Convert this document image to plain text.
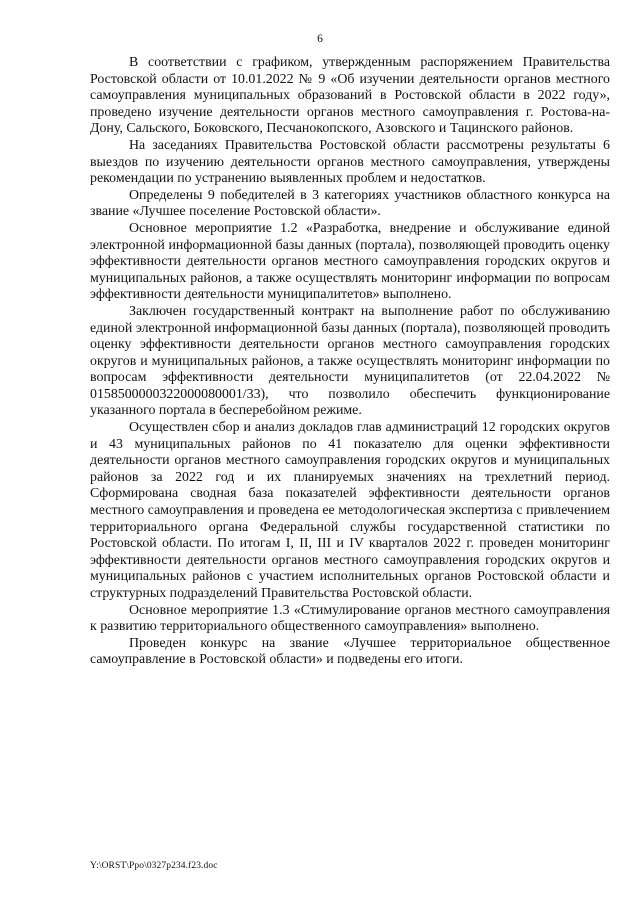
6

В соответствии с графиком, утвержденным распоряжением Правительства Ростовской области от 10.01.2022 № 9 «Об изучении деятельности органов местного самоуправления муниципальных образований в Ростовской области в 2022 году», проведено изучение деятельности органов местного самоуправления г. Ростова-на-Дону, Сальского, Боковского, Песчанокопского, Азовского и Тацинского районов.

На заседаниях Правительства Ростовской области рассмотрены результаты 6 выездов по изучению деятельности органов местного самоуправления, утверждены рекомендации по устранению выявленных проблем и недостатков.

Определены 9 победителей в 3 категориях участников областного конкурса на звание «Лучшее поселение Ростовской области».

Основное мероприятие 1.2 «Разработка, внедрение и обслуживание единой электронной информационной базы данных (портала), позволяющей проводить оценку эффективности деятельности органов местного самоуправления городских округов и муниципальных районов, а также осуществлять мониторинг информации по вопросам эффективности деятельности муниципалитетов» выполнено.

Заключен государственный контракт на выполнение работ по обслуживанию единой электронной информационной базы данных (портала), позволяющей проводить оценку эффективности деятельности органов местного самоуправления городских округов и муниципальных районов, а также осуществлять мониторинг информации по вопросам эффективности деятельности муниципалитетов (от 22.04.2022 № 0158500000322000080001/33), что позволило обеспечить функционирование указанного портала в бесперебойном режиме.

Осуществлен сбор и анализ докладов глав администраций 12 городских округов и 43 муниципальных районов по 41 показателю для оценки эффективности деятельности органов местного самоуправления городских округов и муниципальных районов за 2022 год и их планируемых значениях на трехлетний период. Сформирована сводная база показателей эффективности деятельности органов местного самоуправления и проведена ее методологическая экспертиза с привлечением территориального органа Федеральной службы государственной статистики по Ростовской области. По итогам I, II, III и IV кварталов 2022 г. проведен мониторинг эффективности деятельности органов местного самоуправления городских округов и муниципальных районов с участием исполнительных органов Ростовской области и структурных подразделений Правительства Ростовской области.

Основное мероприятие 1.3 «Стимулирование органов местного самоуправления к развитию территориального общественного самоуправления» выполнено.

Проведен конкурс на звание «Лучшее территориальное общественное самоуправление в Ростовской области» и подведены его итоги.

Y:\ORST\Ppo\0327p234.f23.doc
